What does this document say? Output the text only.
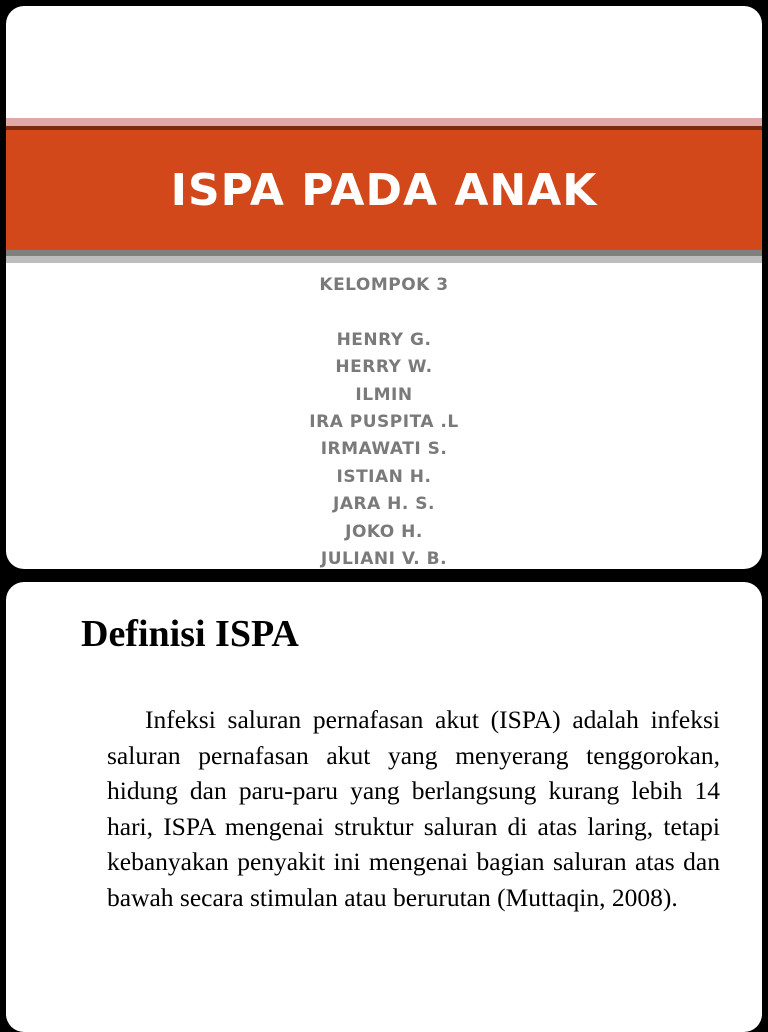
ISPA PADA ANAK
KELOMPOK 3
HENRY G.
HERRY W.
ILMIN
IRA PUSPITA .L
IRMAWATI S.
ISTIAN H.
JARA H. S.
JOKO H.
JULIANI V. B.
Definisi ISPA

Infeksi saluran pernafasan akut (ISPA) adalah infeksi saluran pernafasan akut yang menyerang tenggorokan, hidung dan paru-paru yang berlangsung kurang lebih 14 hari, ISPA mengenai struktur saluran di atas laring, tetapi kebanyakan penyakit ini mengenai bagian saluran atas dan bawah secara stimulan atau berurutan (Muttaqin, 2008).
